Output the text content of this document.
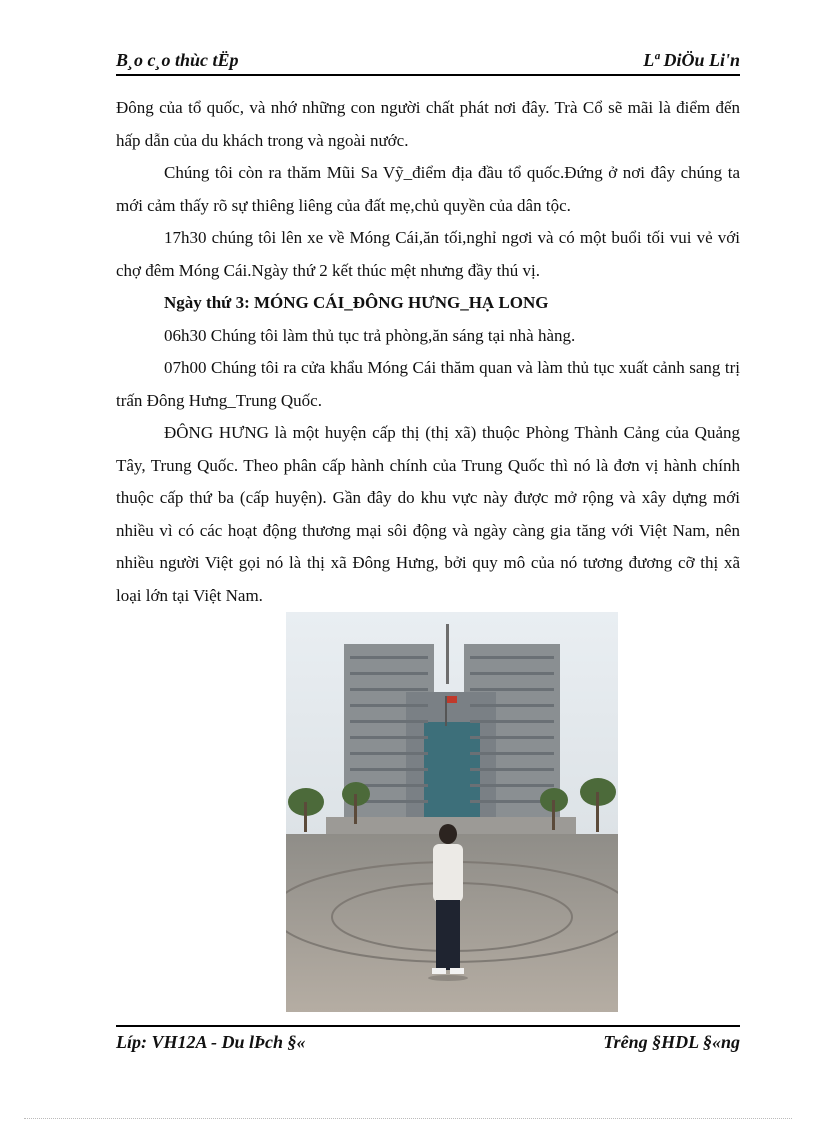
B¸o c¸o thùc tËp	Lª DiÖu Li'n

Đông của tổ quốc, và nhớ những con người chất phát nơi đây. Trà Cổ sẽ mãi là điểm đến hấp dẫn của du khách trong và ngoài nước.

Chúng tôi còn ra thăm Mũi Sa Vỹ_điểm địa đầu tổ quốc.Đứng ở nơi đây chúng ta mới cảm thấy rõ sự thiêng liêng của đất mẹ,chủ quyền của dân tộc.

17h30 chúng tôi lên xe về Móng Cái,ăn tối,nghỉ ngơi và có một buổi tối vui vẻ với chợ đêm Móng Cái.Ngày thứ 2 kết thúc mệt nhưng đầy thú vị.

Ngày thứ 3: MÓNG CÁI_ĐÔNG HƯNG_HẠ LONG

06h30 Chúng tôi làm thủ tục trả phòng,ăn sáng tại nhà hàng.

07h00 Chúng tôi ra cửa khẩu Móng Cái thăm quan và làm thủ tục xuất cảnh sang trị trấn Đông Hưng_Trung Quốc.

ĐÔNG HƯNG là một huyện cấp thị (thị xã) thuộc Phòng Thành Cảng của Quảng Tây, Trung Quốc. Theo phân cấp hành chính của Trung Quốc thì nó là đơn vị hành chính thuộc cấp thứ ba (cấp huyện). Gần đây do khu vực này được mở rộng và xây dựng mới nhiều vì có các hoạt động thương mại sôi động và ngày càng gia tăng với Việt Nam, nên nhiều người Việt gọi nó là thị xã Đông Hưng, bởi quy mô của nó tương đương cỡ thị xã loại lớn tại Việt Nam.

Líp: VH12A - Du lÞch §«	Trêng §HDL §«ng
